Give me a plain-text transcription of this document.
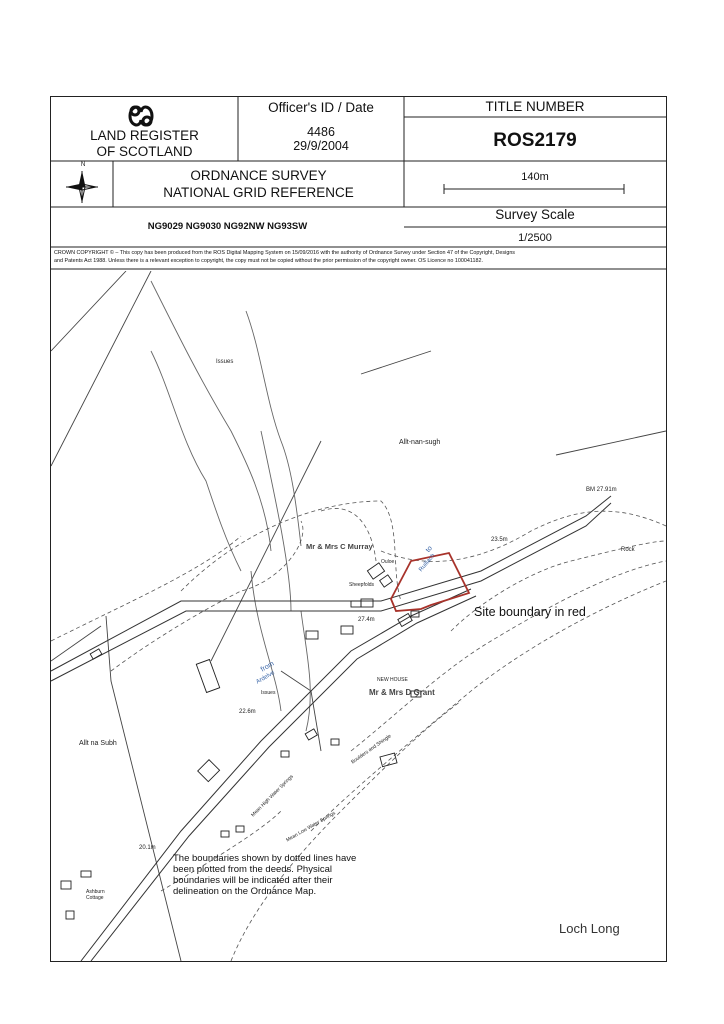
LAND REGISTER
OF SCOTLAND
Officer's ID / Date
4486
29/9/2004
TITLE NUMBER
ROS2179
N
ORDNANCE SURVEY
NATIONAL GRID REFERENCE
140m
NG9029 NG9030 NG92NW NG93SW
Survey Scale
1/2500
CROWN COPYRIGHT © – This copy has been produced from the ROS Digital Mapping System on 15/09/2016 with the authority of Ordnance Survey under Section 47 of the Copyright, Designs
and Patents Act 1988. Unless there is a relevant exception to copyright, the copy must not be copied without the prior permission of the copyright owner. OS Licence no 100041182.
Issues
Allt-nan-sugh
BM 27.91m
23.5m
Rock
Mr & Mrs C Murray
Ouloe
Sheepfolds
27.4m
to
Ruillach
from
Ardelve	NEW HOUSE
Mr & Mrs D Grant
Issues
22.6m
Allt na Subh	Boulders and Shingle
Mean High Water Springs
Mean Low Water Springs
20.1m
Ashburn
Cottage
Loch Long
Site boundary in red
The boundaries shown by dotted lines have
been plotted from the deeds. Physical
boundaries will be indicated after their
delineation on the Ordnance Map.
